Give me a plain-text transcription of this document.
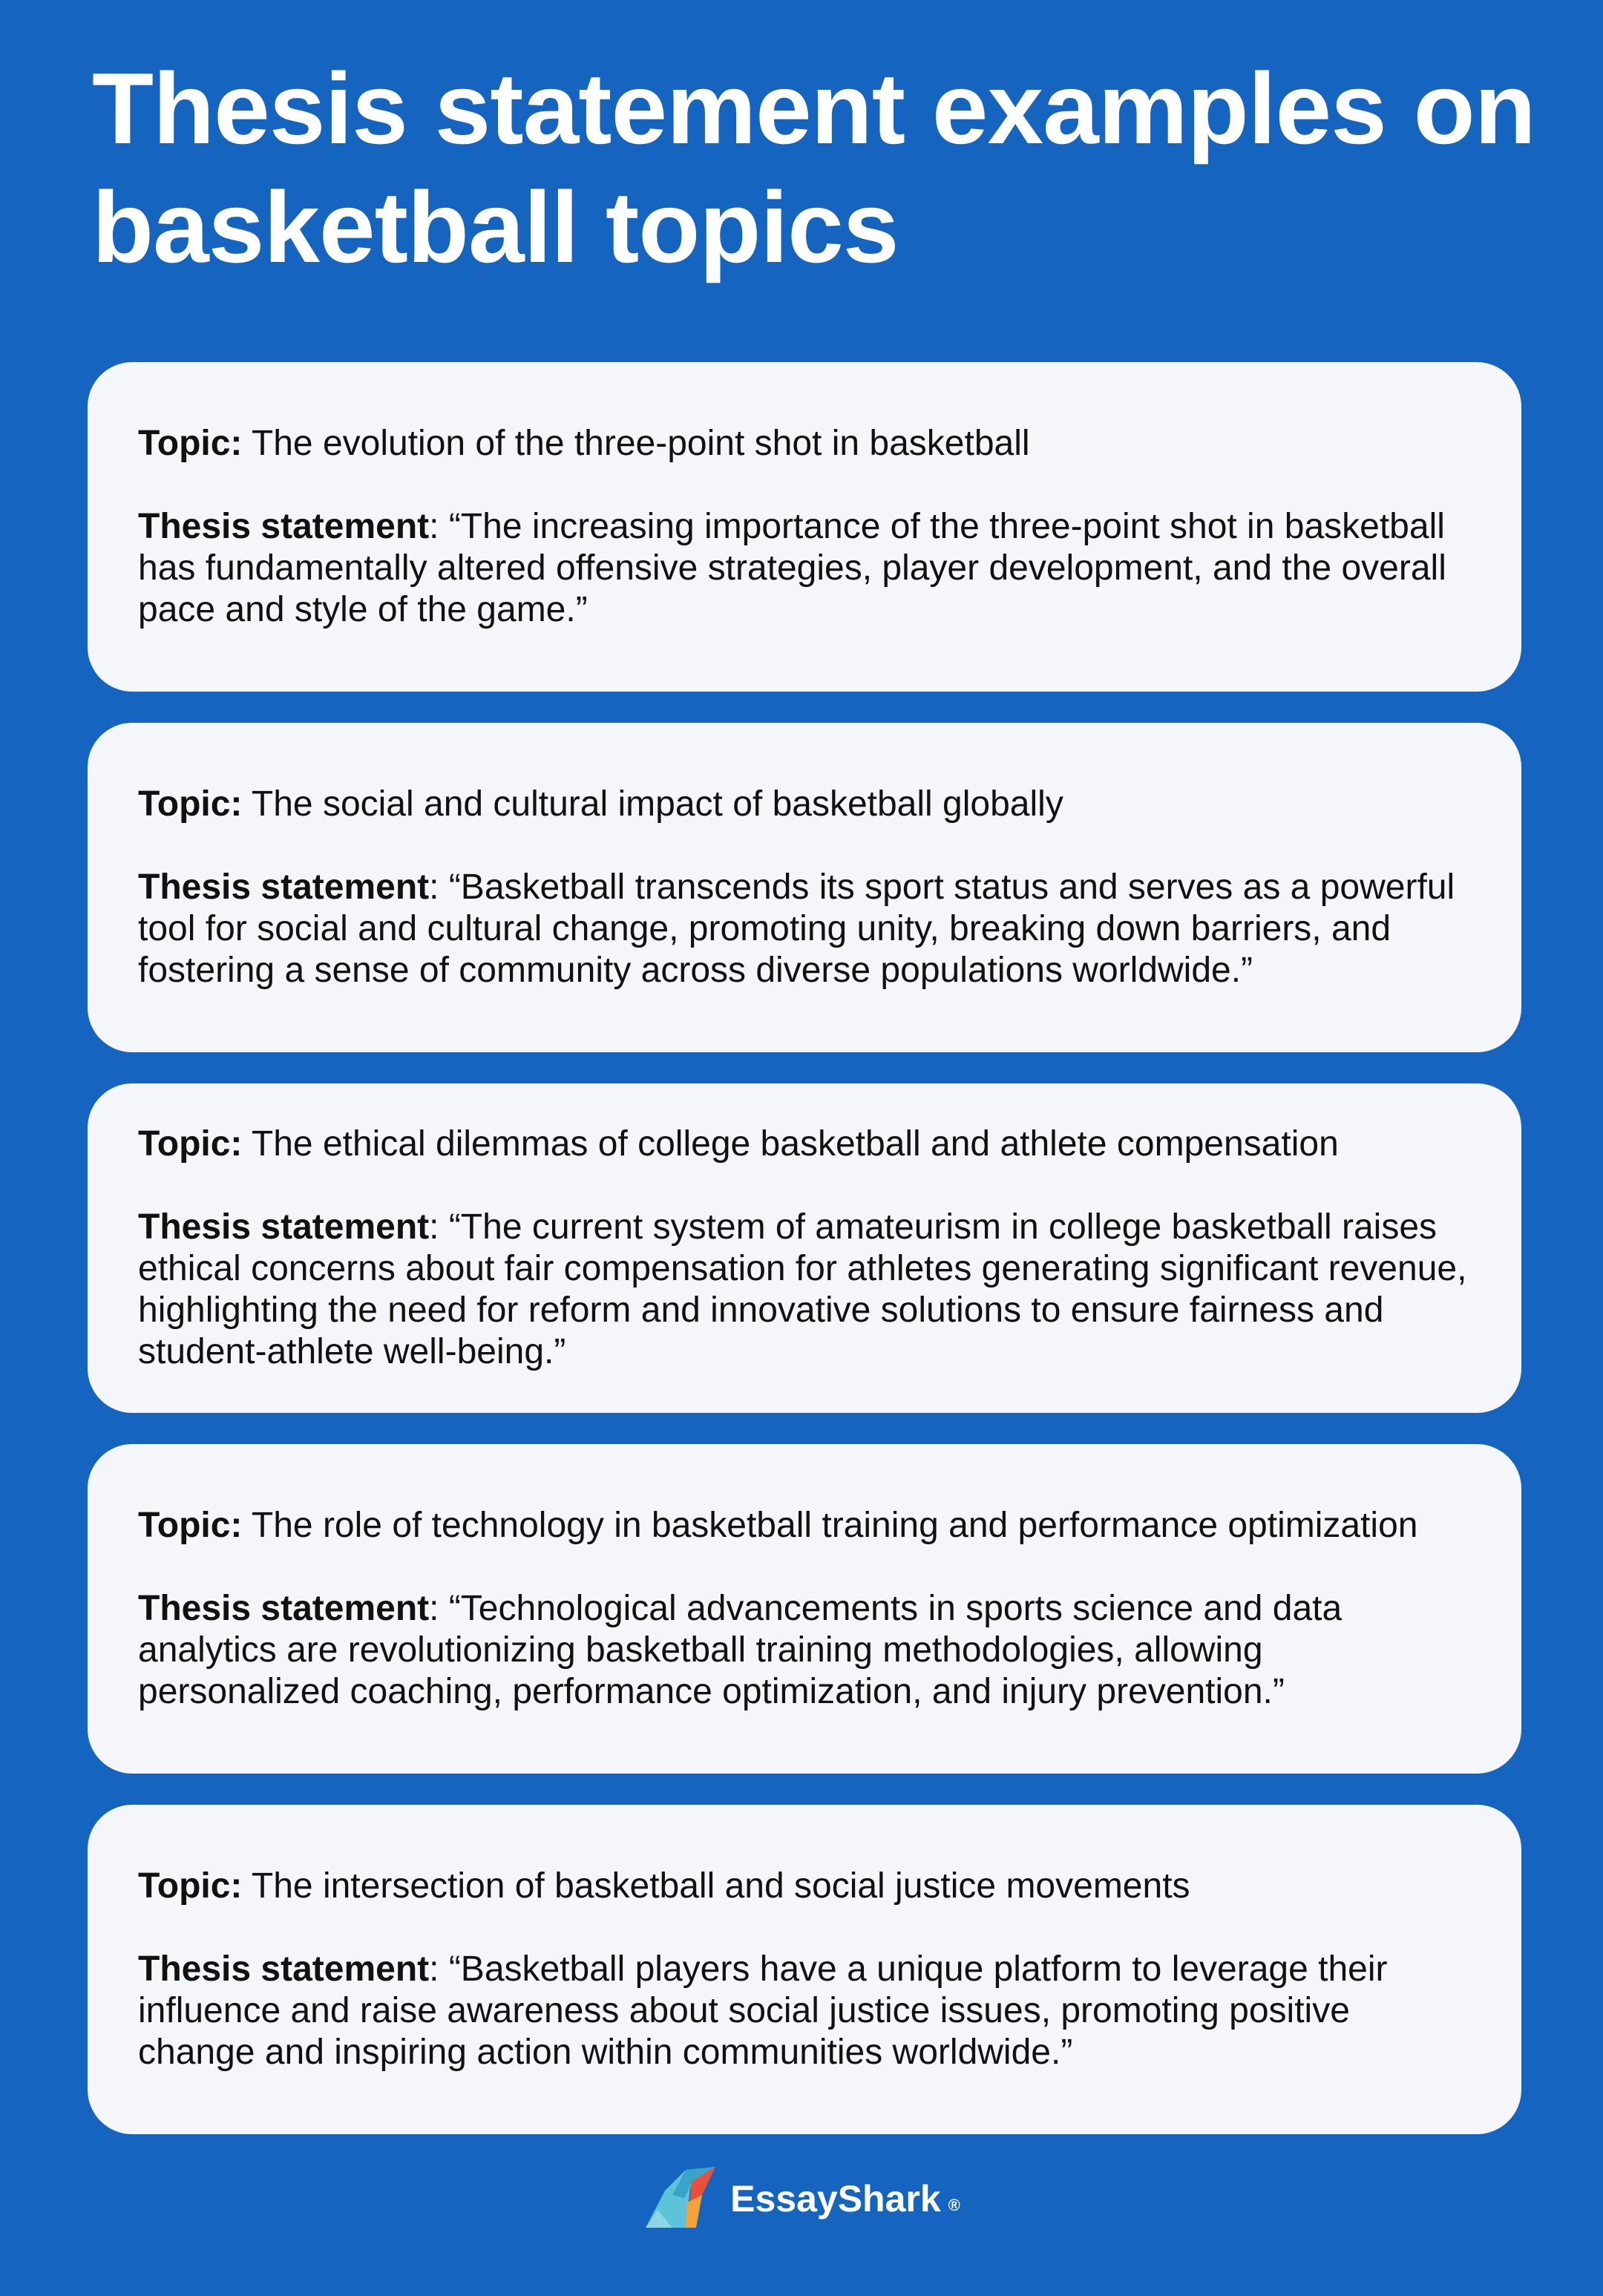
Thesis statement examples on basketball topics

Topic: The evolution of the three-point shot in basketball

Thesis statement: “The increasing importance of the three-point shot in basketball has fundamentally altered offensive strategies, player development, and the overall pace and style of the game.”

Topic: The social and cultural impact of basketball globally

Thesis statement: “Basketball transcends its sport status and serves as a powerful tool for social and cultural change, promoting unity, breaking down barriers, and fostering a sense of community across diverse populations worldwide.”

Topic: The ethical dilemmas of college basketball and athlete compensation

Thesis statement: “The current system of amateurism in college basketball raises ethical concerns about fair compensation for athletes generating significant revenue, highlighting the need for reform and innovative solutions to ensure fairness and student-athlete well-being.”

Topic: The role of technology in basketball training and performance optimization

Thesis statement: “Technological advancements in sports science and data analytics are revolutionizing basketball training methodologies, allowing personalized coaching, performance optimization, and injury prevention.”

Topic: The intersection of basketball and social justice movements

Thesis statement: “Basketball players have a unique platform to leverage their influence and raise awareness about social justice issues, promoting positive change and inspiring action within communities worldwide.”

EssayShark ®
